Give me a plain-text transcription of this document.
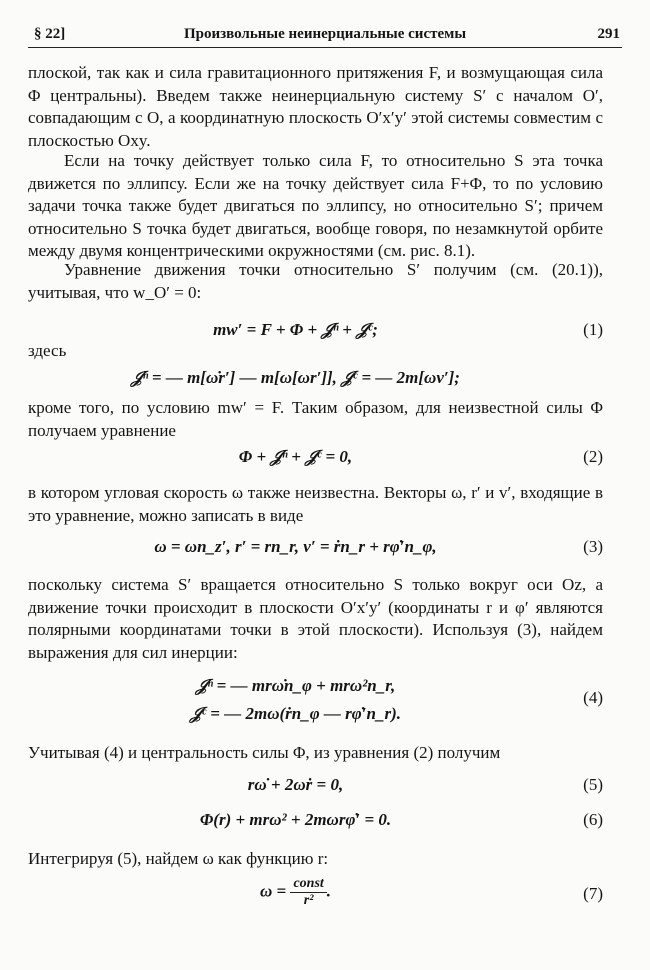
§ 22]	Произвольные неинерциальные системы	291
плоской, так как и сила гравитационного притяжения F, и возмущающая сила Φ центральны). Введем также неинерциальную систему S′ с началом O′, совпадающим с O, а координатную плоскость O′x′y′ этой системы совместим с плоскостью Oxy.
Если на точку действует только сила F, то относительно S эта точка движется по эллипсу. Если же на точку действует сила F+Φ, то по условию задачи точка также будет двигаться по эллипсу, но относительно S′; причем относительно S точка будет двигаться, вообще говоря, по незамкнутой орбите между двумя концентрическими окружностями (см. рис. 8.1).
Уравнение движения точки относительно S′ получим (см. (20.1)), учитывая, что w_O′ = 0:
mw′ = F + Φ + 𝒥ʰ + 𝒥ᶜ;	(1)
здесь
𝒥ʰ = — m[ω̇r′] — m[ω[ωr′]], 𝒥ᶜ = — 2m[ωv′];
кроме того, по условию mw′ = F. Таким образом, для неизвестной силы Φ получаем уравнение
Φ + 𝒥ʰ + 𝒥ᶜ = 0,	(2)
в котором угловая скорость ω также неизвестна. Векторы ω, r′ и v′, входящие в это уравнение, можно записать в виде
ω = ωn_z′, r′ = rn_r, v′ = ṙn_r + rφ̇′n_φ,	(3)
поскольку система S′ вращается относительно S только вокруг оси Oz, а движение точки происходит в плоскости O′x′y′ (координаты r и φ′ являются полярными координатами точки в этой плоскости). Используя (3), найдем выражения для сил инерции:
𝒥ʰ = — mrω̇n_φ + mrω²n_r,
𝒥ᶜ = — 2mω(ṙn_φ — rφ̇′n_r).
(4)
Учитывая (4) и центральность силы Φ, из уравнения (2) получим
rω̇ + 2ωṙ = 0,	(5)
Φ(r) + mrω² + 2mωrφ̇′ = 0.	(6)
Интегрируя (5), найдем ω как функцию r:
$\omega = \frac{\text{const}}{\text{r²}}$ .	(7)
